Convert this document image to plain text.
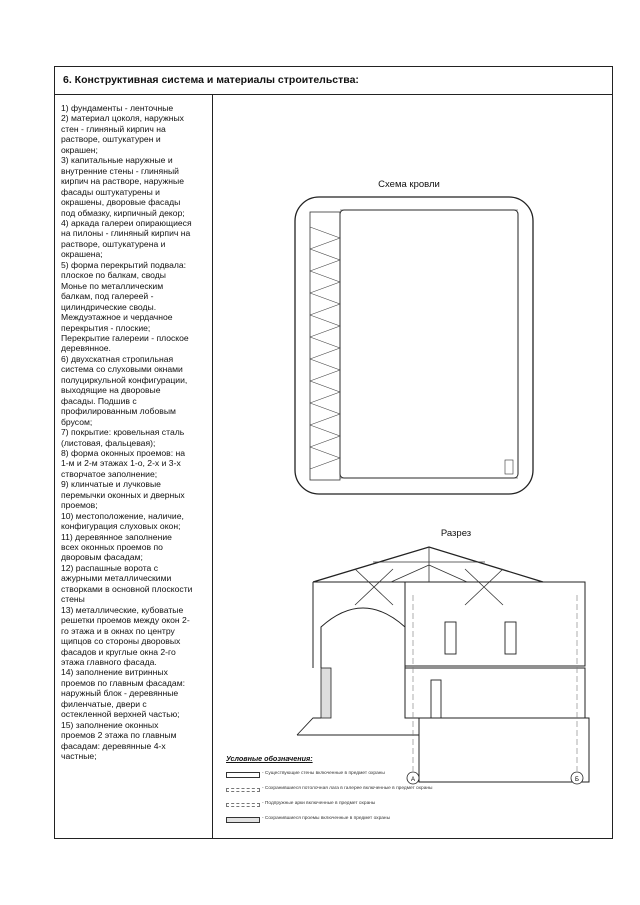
6. Конструктивная система и материалы строительства:
1) фундаменты - ленточные
2) материал цоколя, наружных
стен - глиняный кирпич на
растворе, оштукатурен и
окрашен;
3) капитальные наружные и
внутренние стены - глиняный
кирпич на растворе, наружные
фасады оштукатурены и
окрашены, дворовые фасады
под обмазку, кирпичный декор;
4) аркада галереи опирающиеся
на пилоны - глиняный кирпич на
растворе, оштукатурена и
окрашена;
5) форма перекрытий подвала:
плоское по балкам, своды
Монье по металлическим
балкам, под галереей -
цилиндрические своды.
Междуэтажное и чердачное
перекрытия - плоские;
Перекрытие галереии - плоское
деревянное.
6) двухскатная стропильная
система со слуховыми окнами
полуциркульной конфигурации,
выходящие на дворовые
фасады. Подшив с
профилированным лобовым
брусом;
7) покрытие: кровельная сталь
(листовая, фальцевая);
8) форма оконных проемов: на
1-м и 2-м этажах 1-о, 2-х и 3-х
створчатое заполнение;
9) клинчатые и лучковые
перемычки оконных и дверных
проемов;
10) местоположение, наличие,
конфигурация слуховых окон;
11) деревянное заполнение
всех оконных проемов по
дворовым фасадам;
12) распашные ворота с
ажурными металлическими
створками в основной плоскости
стены
13) металлические, кубоватые
решетки проемов между окон 2-
го этажа и в окнах по центру
щипцов со стороны дворовых
фасадов и круглые окна 2-го
этажа главного фасада.
14) заполнение витринных
проемов по главным фасадам:
наружный блок - деревянные
филенчатые, двери с
остекленной верхней частью;
15) заполнение оконных
проемов 2 этажа по главным
фасадам: деревянные 4-х
частные;
Схема кровли
Разрез
А	Б
Условные обозначения:
- Существующие стены включенные в предмет охраны
- Сохранившиеся потолочная лага в галерее включенные в предмет охраны
- Подпружные арки включенные в предмет охраны
- Сохранившиеся проемы включенные в предмет охраны
